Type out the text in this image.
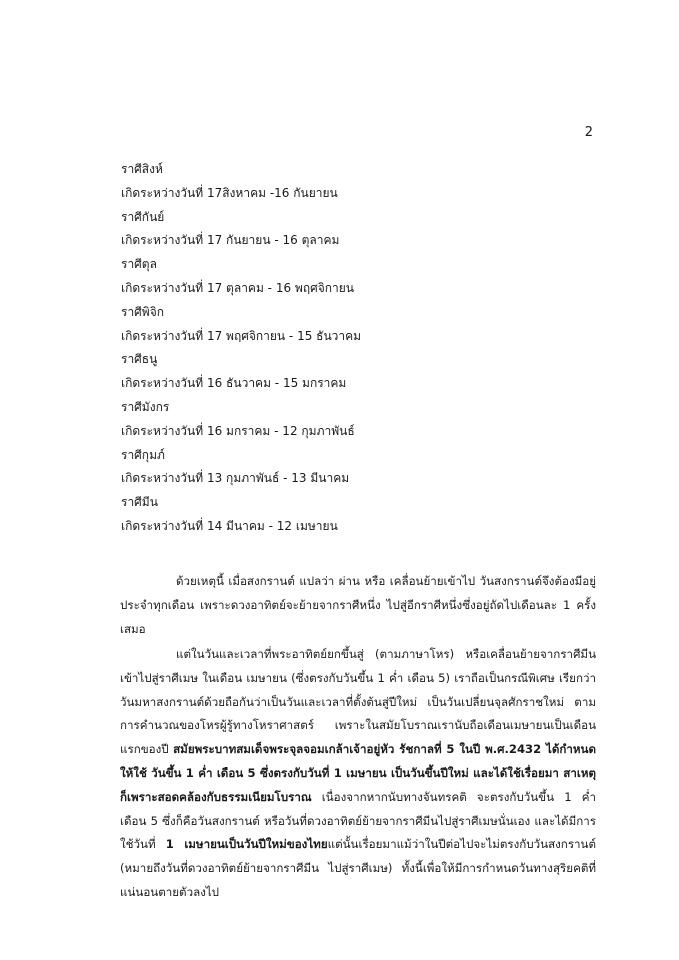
2
ราศีสิงห์
เกิดระหว่างวันที่ 17สิงหาคม -16 กันยายน
ราศีกันย์
เกิดระหว่างวันที่ 17 กันยายน - 16 ตุลาคม
ราศีตุล
เกิดระหว่างวันที่ 17 ตุลาคม - 16 พฤศจิกายน
ราศีพิจิก
เกิดระหว่างวันที่ 17 พฤศจิกายน - 15 ธันวาคม
ราศีธนู
เกิดระหว่างวันที่ 16 ธันวาคม - 15 มกราคม
ราศีมังกร
เกิดระหว่างวันที่ 16 มกราคม - 12 กุมภาพันธ์
ราศีกุมภ์
เกิดระหว่างวันที่ 13 กุมภาพันธ์ - 13 มีนาคม
ราศีมีน
เกิดระหว่างวันที่ 14 มีนาคม - 12 เมษายน
ด้วยเหตุนี้ เมื่อสงกรานต์ แปลว่า ผ่าน หรือ เคลื่อนย้ายเข้าไป วันสงกรานต์จึงต้องมีอยู่ประจำทุกเดือน เพราะดวงอาทิตย์จะย้ายจากราศีหนึ่ง ไปสู่อีกราศีหนึ่งซึ่งอยู่ถัดไปเดือนละ 1 ครั้ง เสมอ
แต่ในวันและเวลาที่พระอาทิตย์ยกขึ้นสู่ (ตามภาษาโหร) หรือเคลื่อนย้ายจากราศีมีนเข้าไปสู่ราศีเมษ ในเดือน เมษายน (ซึ่งตรงกับวันขึ้น 1 ค่ำ เดือน 5) เราถือเป็นกรณีพิเศษ เรียกว่าวันมหาสงกรานต์ด้วยถือกันว่าเป็นวันและเวลาที่ตั้งต้นสู่ปีใหม่ เป็นวันเปลี่ยนจุลศักราชใหม่ ตามการคำนวณของโหรผู้รู้ทางโหราศาสตร์ เพราะในสมัยโบราณเรานับถือเดือนเมษายนเป็นเดือนแรกของปี สมัยพระบาทสมเด็จพระจุลจอมเกล้าเจ้าอยู่หัว รัชกาลที่ 5 ในปี พ.ศ.2432 ได้กำหนดให้ใช้ วันขึ้น 1 ค่ำ เดือน 5 ซึ่งตรงกับวันที่ 1 เมษายน เป็นวันขึ้นปีใหม่ และได้ใช้เรื่อยมา สาเหตุก็เพราะสอดคล้องกับธรรมเนียมโบราณ เนื่องจากหากนับทางจันทรคติ จะตรงกับวันขึ้น 1 ค่ำเดือน 5 ซึ่งก็คือวันสงกรานต์ หรือวันที่ดวงอาทิตย์ย้ายจากราศีมีนไปสู่ราศีเมษนั่นเอง และได้มีการใช้วันที่ 1 เมษายนเป็นวันปีใหม่ของไทยแต่นั้นเรื่อยมาแม้ว่าในปีต่อไปจะไม่ตรงกับวันสงกรานต์ (หมายถึงวันที่ดวงอาทิตย์ย้ายจากราศีมีน ไปสู่ราศีเมษ) ทั้งนี้เพื่อให้มีการกำหนดวันทางสุริยคติที่แน่นอนตายตัวลงไป
